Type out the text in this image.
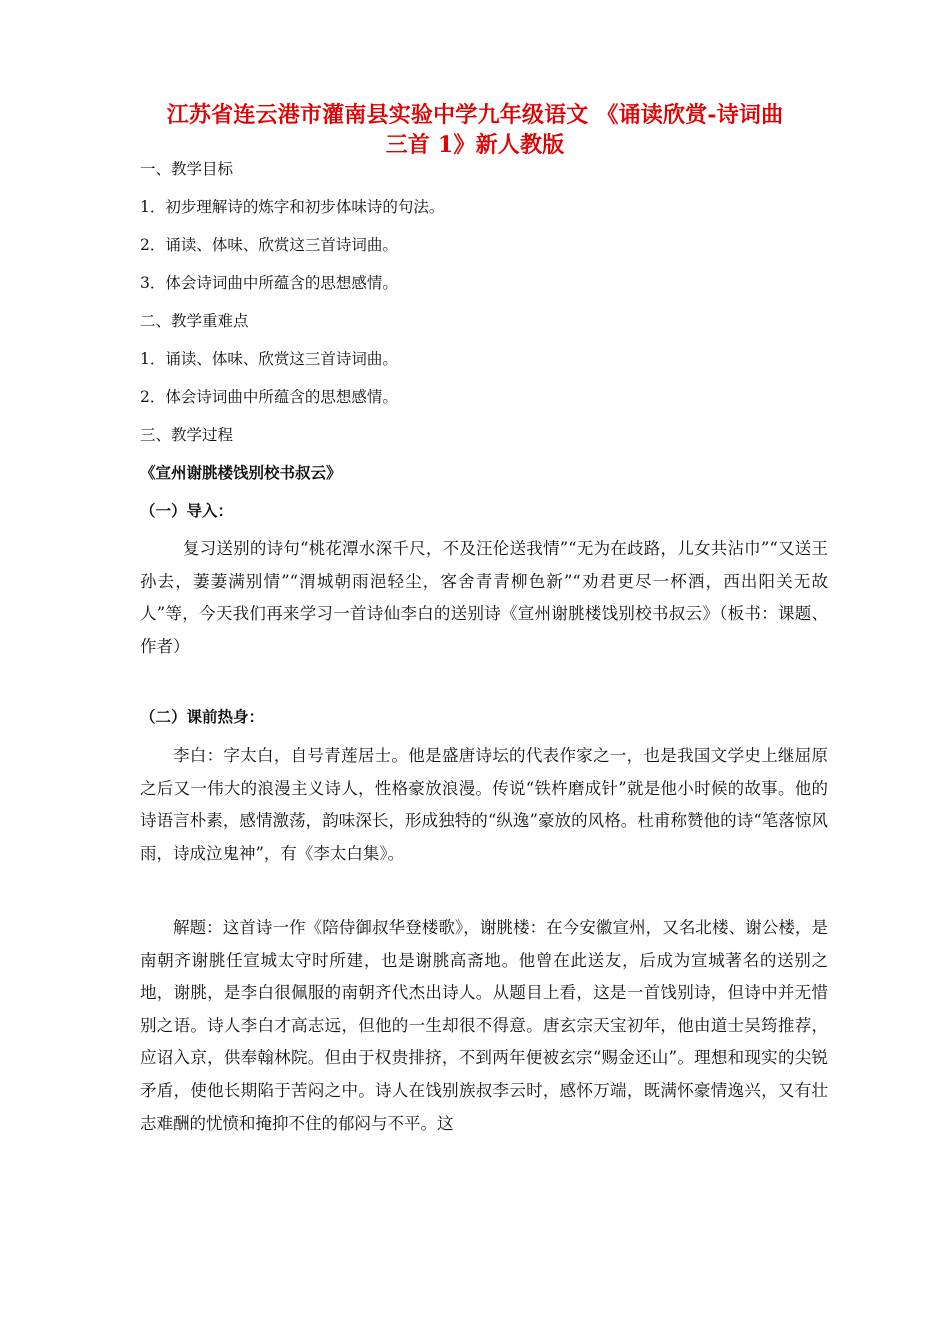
江苏省连云港市灌南县实验中学九年级语文 《诵读欣赏-诗词曲
三首 1》新人教版
一、教学目标
1．初步理解诗的炼字和初步体味诗的句法。
2．诵读、体味、欣赏这三首诗词曲。
3．体会诗词曲中所蕴含的思想感情。
二、教学重难点
1．诵读、体味、欣赏这三首诗词曲。
2．体会诗词曲中所蕴含的思想感情。
三、教学过程
《宣州谢朓楼饯别校书叔云》
（一）导入：
复习送别的诗句“桃花潭水深千尺，不及汪伦送我情”“无为在歧路，儿女共沾巾”“又送王孙去，萋萋满别情”“渭城朝雨浥轻尘，客舍青青柳色新”“劝君更尽一杯酒，西出阳关无故人”等，今天我们再来学习一首诗仙李白的送别诗《宣州谢朓楼饯别校书叔云》（板书：课题、作者）
（二）课前热身：
李白：字太白，自号青莲居士。他是盛唐诗坛的代表作家之一，也是我国文学史上继屈原之后又一伟大的浪漫主义诗人，性格豪放浪漫。传说“铁杵磨成针”就是他小时候的故事。他的诗语言朴素，感情激荡，韵味深长，形成独特的“纵逸”豪放的风格。杜甫称赞他的诗“笔落惊风雨，诗成泣鬼神”，有《李太白集》。
解题：这首诗一作《陪侍御叔华登楼歌》，谢朓楼：在今安徽宣州，又名北楼、谢公楼，是南朝齐谢朓任宣城太守时所建，也是谢朓高斋地。他曾在此送友，后成为宣城著名的送别之地，谢朓，是李白很佩服的南朝齐代杰出诗人。从题目上看，这是一首饯别诗，但诗中并无惜别之语。诗人李白才高志远，但他的一生却很不得意。唐玄宗天宝初年，他由道士吴筠推荐，应诏入京，供奉翰林院。但由于权贵排挤，不到两年便被玄宗“赐金还山”。理想和现实的尖锐矛盾，使他长期陷于苦闷之中。诗人在饯别族叔李云时，感怀万端，既满怀豪情逸兴，又有壮志难酬的忧愤和掩抑不住的郁闷与不平。这
